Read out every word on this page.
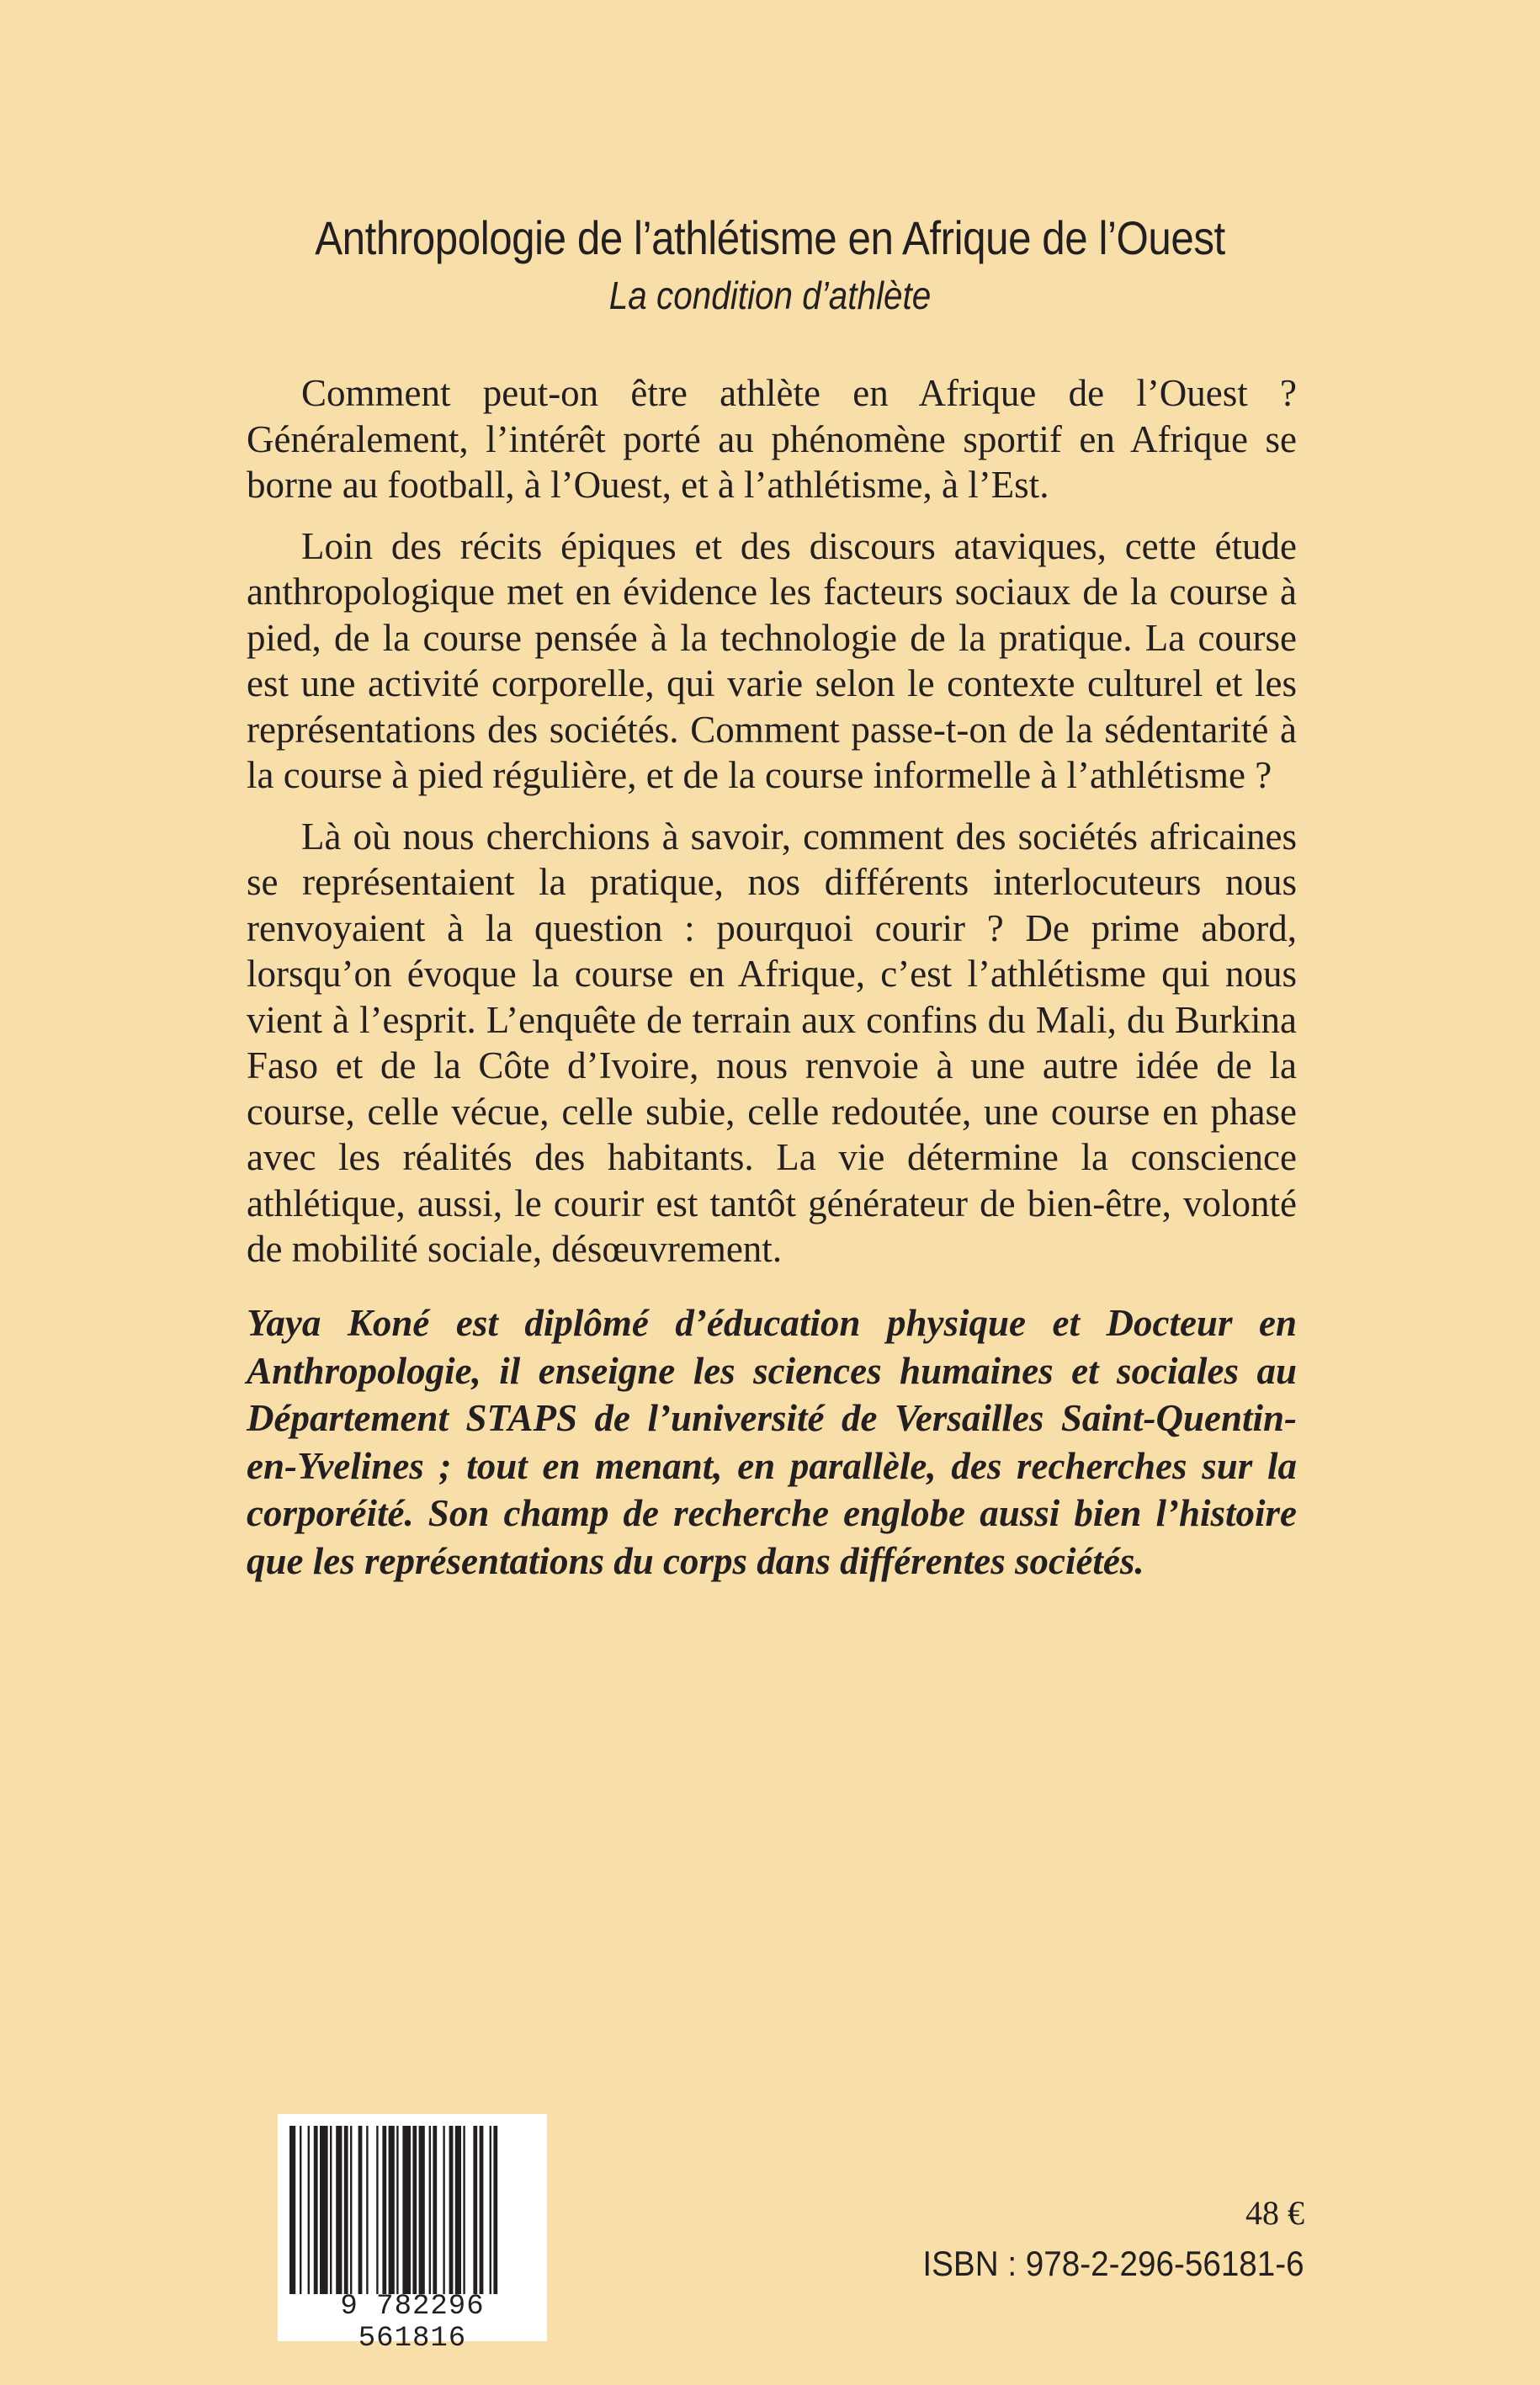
Anthropologie de l’athlétisme en Afrique de l’Ouest
La condition d’athlète

Comment peut-on être athlète en Afrique de l’Ouest ? Généralement, l’intérêt porté au phénomène sportif en Afrique se borne au football, à l’Ouest, et à l’athlétisme, à l’Est.

Loin des récits épiques et des discours ataviques, cette étude anthropologique met en évidence les facteurs sociaux de la course à pied, de la course pensée à la technologie de la pratique. La course est une activité corporelle, qui varie selon le contexte culturel et les représentations des sociétés. Comment passe-t-on de la sédentarité à la course à pied régulière, et de la course informelle à l’athlétisme ?

Là où nous cherchions à savoir, comment des sociétés africaines se représentaient la pratique, nos différents interlocuteurs nous renvoyaient à la question : pourquoi courir ? De prime abord, lorsqu’on évoque la course en Afrique, c’est l’athlétisme qui nous vient à l’esprit. L’enquête de terrain aux confins du Mali, du Burkina Faso et de la Côte d’Ivoire, nous renvoie à une autre idée de la course, celle vécue, celle subie, celle redoutée, une course en phase avec les réalités des habitants. La vie détermine la conscience athlétique, aussi, le courir est tantôt générateur de bien-être, volonté de mobilité sociale, désœuvrement.

Yaya Koné est diplômé d’éducation physique et Docteur en Anthropologie, il enseigne les sciences humaines et sociales au Département STAPS de l’université de Versailles Saint-Quentin-en-Yvelines ; tout en menant, en parallèle, des recherches sur la corporéité. Son champ de recherche englobe aussi bien l’histoire que les représentations du corps dans différentes sociétés.

9 782296 561816
48 €
ISBN : 978-2-296-56181-6
